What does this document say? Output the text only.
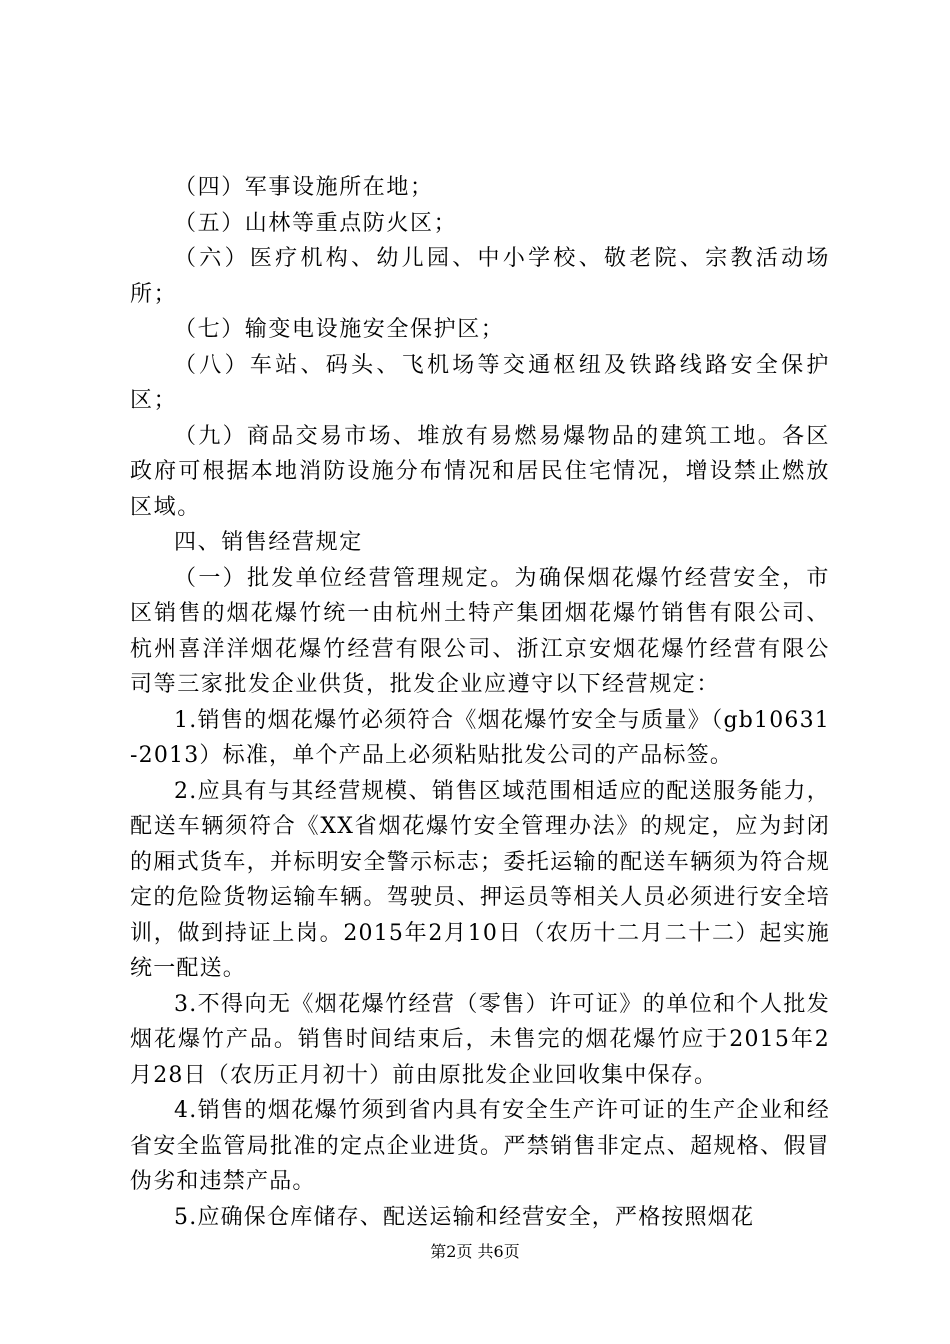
（四）军事设施所在地；

（五）山林等重点防火区；

（六）医疗机构、幼儿园、中小学校、敬老院、宗教活动场所；

（七）输变电设施安全保护区；

（八）车站、码头、飞机场等交通枢纽及铁路线路安全保护区；

（九）商品交易市场、堆放有易燃易爆物品的建筑工地。各区政府可根据本地消防设施分布情况和居民住宅情况，增设禁止燃放区域。

四、销售经营规定

（一）批发单位经营管理规定。为确保烟花爆竹经营安全，市区销售的烟花爆竹统一由杭州土特产集团烟花爆竹销售有限公司、杭州喜洋洋烟花爆竹经营有限公司、浙江京安烟花爆竹经营有限公司等三家批发企业供货，批发企业应遵守以下经营规定：

1.销售的烟花爆竹必须符合《烟花爆竹安全与质量》（gb10631-2013）标准，单个产品上必须粘贴批发公司的产品标签。

2.应具有与其经营规模、销售区域范围相适应的配送服务能力，配送车辆须符合《XX省烟花爆竹安全管理办法》的规定，应为封闭的厢式货车，并标明安全警示标志；委托运输的配送车辆须为符合规定的危险货物运输车辆。驾驶员、押运员等相关人员必须进行安全培训，做到持证上岗。2015年2月10日（农历十二月二十二）起实施统一配送。

3.不得向无《烟花爆竹经营（零售）许可证》的单位和个人批发烟花爆竹产品。销售时间结束后，未售完的烟花爆竹应于2015年2月28日（农历正月初十）前由原批发企业回收集中保存。

4.销售的烟花爆竹须到省内具有安全生产许可证的生产企业和经省安全监管局批准的定点企业进货。严禁销售非定点、超规格、假冒伪劣和违禁产品。

5.应确保仓库储存、配送运输和经营安全，严格按照烟花

第2页 共6页
